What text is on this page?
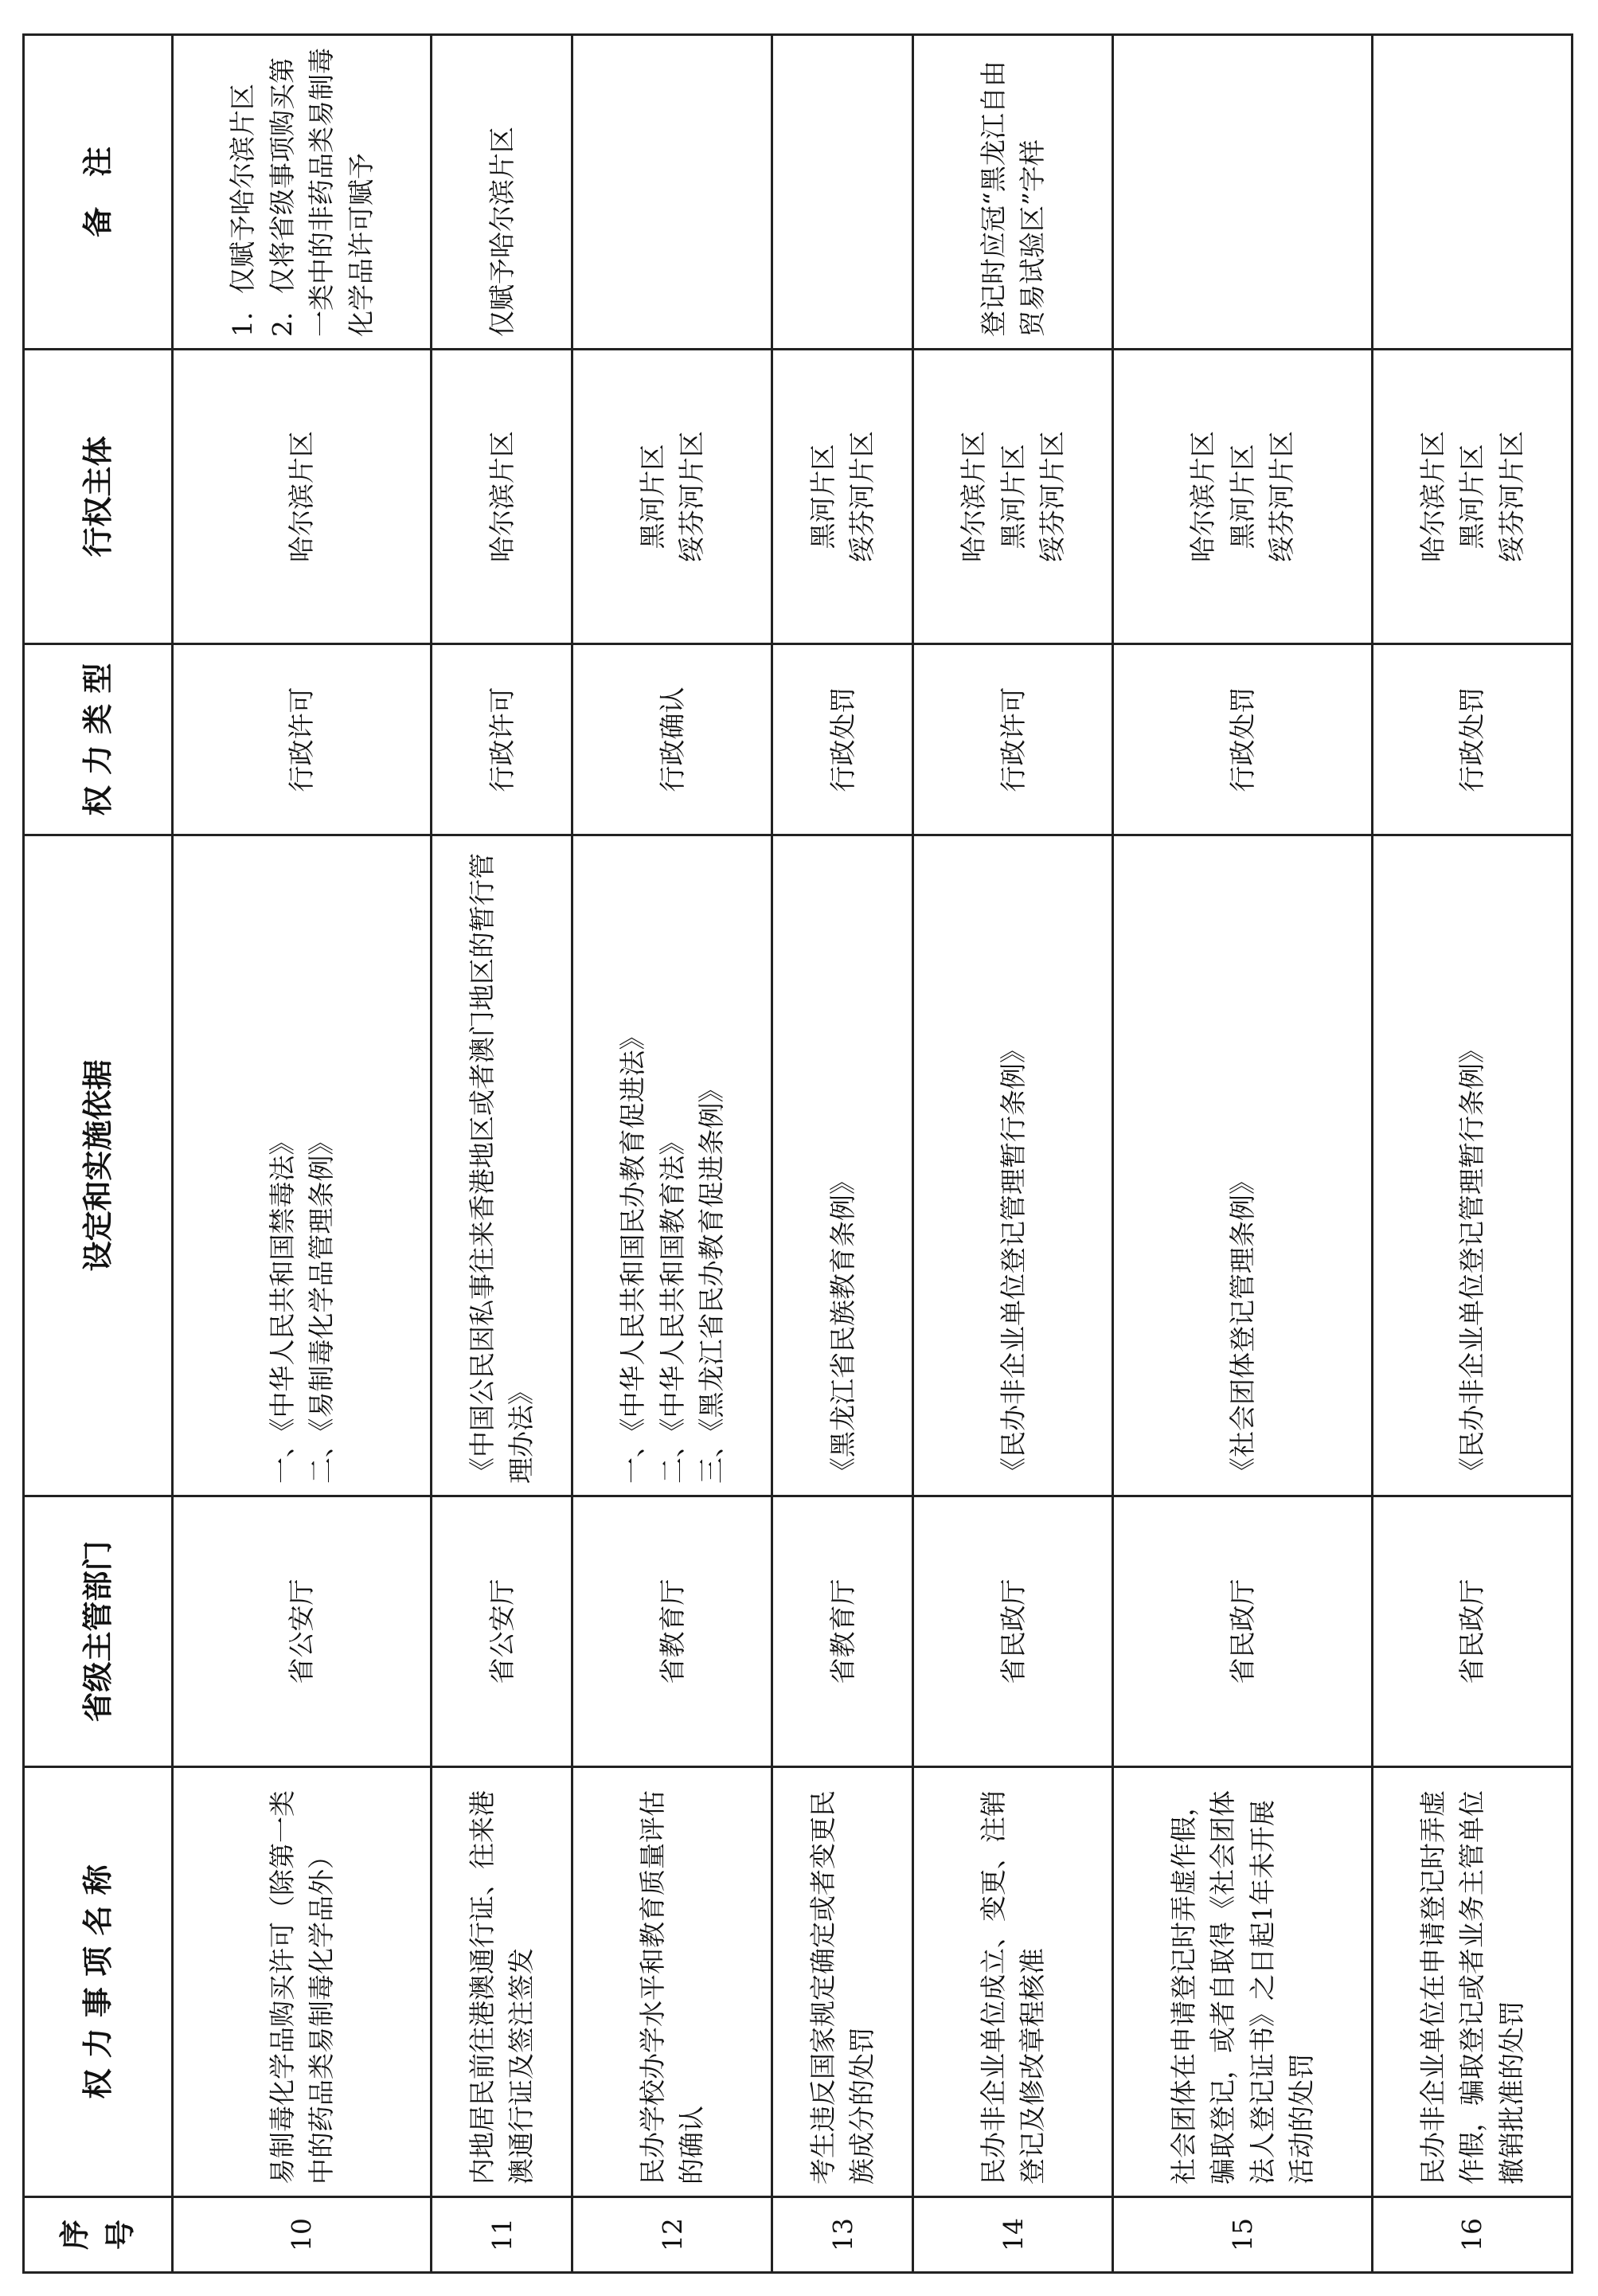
序号	权 力 事 项 名 称	省级主管部门	设定和实施依据	权 力 类 型	行权主体	备　注
10	易制毒化学品购买许可（除第一类中的药品类易制毒化学品外）	省公安厅	一、《中华人民共和国禁毒法》 二、《易制毒化学品管理条例》	行政许可	哈尔滨片区	1．仅赋予哈尔滨片区 2．仅将省级事项购买第一类中的非药品类易制毒化学品许可赋予

11	内地居民前往港澳通行证、往来港澳通行证及签注签发	省公安厅	《中国公民因私事往来香港地区或者澳门地区的暂行管理办法》	行政许可	哈尔滨片区	仅赋予哈尔滨片区

12	民办学校办学水平和教育质量评估的确认	省教育厅	一、《中华人民共和国民办教育促进法》 二、《中华人民共和国教育法》 三、《黑龙江省民办教育促进条例》	行政确认	黑河片区 绥芬河片区	

13	考生违反国家规定确定或者变更民族成分的处罚	省教育厅	《黑龙江省民族教育条例》	行政处罚	黑河片区 绥芬河片区	

14	民办非企业单位成立、变更、注销登记及修改章程核准	省民政厅	《民办非企业单位登记管理暂行条例》	行政许可	哈尔滨片区 黑河片区 绥芬河片区	登记时应冠“黑龙江自由贸易试验区”字样

15	社会团体在申请登记时弄虚作假，骗取登记，或者自取得《社会团体法人登记证书》之日起1年未开展活动的处罚	省民政厅	《社会团体登记管理条例》	行政处罚	哈尔滨片区 黑河片区 绥芬河片区	

16	民办非企业单位在申请登记时弄虚作假，骗取登记或者业务主管单位撤销批准的处罚	省民政厅	《民办非企业单位登记管理暂行条例》	行政处罚	哈尔滨片区 黑河片区 绥芬河片区	
